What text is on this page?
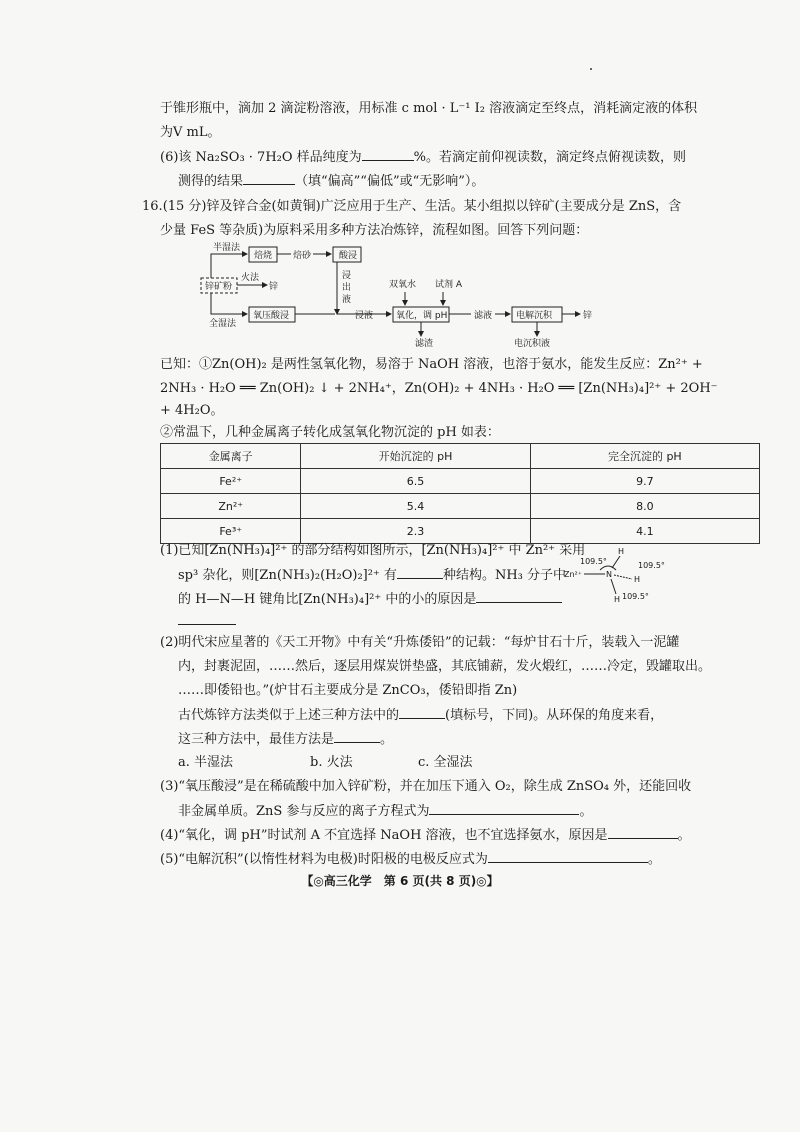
于锥形瓶中，滴加 2 滴淀粉溶液，用标准 c mol · L⁻¹ I₂ 溶液滴定至终点，消耗滴定液的体积
为V mL。
(6)该 Na₂SO₃ · 7H₂O 样品纯度为	%。若滴定前仰视读数，滴定终点俯视读数，则
测得的结果	（填“偏高”“偏低”或“无影响”）。
16.(15 分)锌及锌合金(如黄铜)广泛应用于生产、生活。某小组拟以锌矿(主要成分是 ZnS，含
少量 FeS 等杂质)为原料采用多种方法冶炼锌，流程如图。回答下列问题：
半湿法
焙烧 焙砂	酸浸
火法
锌矿粉	锌
浸
出
液
全湿法
氧压酸浸	浸液
双氧水 试剂 A
氧化，调 pH	滤液
滤渣
电解沉积
电沉积液
锌
已知：①Zn(OH)₂ 是两性氢氧化物，易溶于 NaOH 溶液，也溶于氨水，能发生反应：Zn²⁺ +
2NH₃ · H₂O ══ Zn(OH)₂ ↓ + 2NH₄⁺，Zn(OH)₂ + 4NH₃ · H₂O ══ [Zn(NH₃)₄]²⁺ + 2OH⁻
+ 4H₂O。
②常温下，几种金属离子转化成氢氧化物沉淀的 pH 如表：
金属离子	开始沉淀的 pH	完全沉淀的 pH
Fe²⁺	6.5	9.7
Zn²⁺	5.4	8.0
Fe³⁺	2.3	4.1
(1)已知[Zn(NH₃)₄]²⁺ 的部分结构如图所示，[Zn(NH₃)₄]²⁺ 中 Zn²⁺ 采用
sp³ 杂化，则[Zn(NH₃)₂(H₂O)₂]²⁺ 有	种结构。NH₃ 分子中
的 H—N—H 键角比[Zn(NH₃)₄]²⁺ 中的小的原因是
Zn²⁺	N
H
H
H
109.5°	109.5°
109.5°
(2)明代宋应星著的《天工开物》中有关“升炼倭铅”的记载：“每炉甘石十斤，装载入一泥罐
内，封裹泥固，……然后，逐层用煤炭饼垫盛，其底铺薪，发火煅红，……冷定，毁罐取出。
……即倭铅也。”(炉甘石主要成分是 ZnCO₃，倭铅即指 Zn)
古代炼锌方法类似于上述三种方法中的	(填标号，下同)。从环保的角度来看，
这三种方法中，最佳方法是	。
a. 半湿法	b. 火法	c. 全湿法
(3)“氧压酸浸”是在稀硫酸中加入锌矿粉，并在加压下通入 O₂，除生成 ZnSO₄ 外，还能回收
非金属单质。ZnS 参与反应的离子方程式为	。
(4)“氧化，调 pH”时试剂 A 不宜选择 NaOH 溶液，也不宜选择氨水，原因是	。
(5)“电解沉积”(以惰性材料为电极)时阳极的电极反应式为	。
【◎高三化学　第 6 页(共 8 页)◎】
